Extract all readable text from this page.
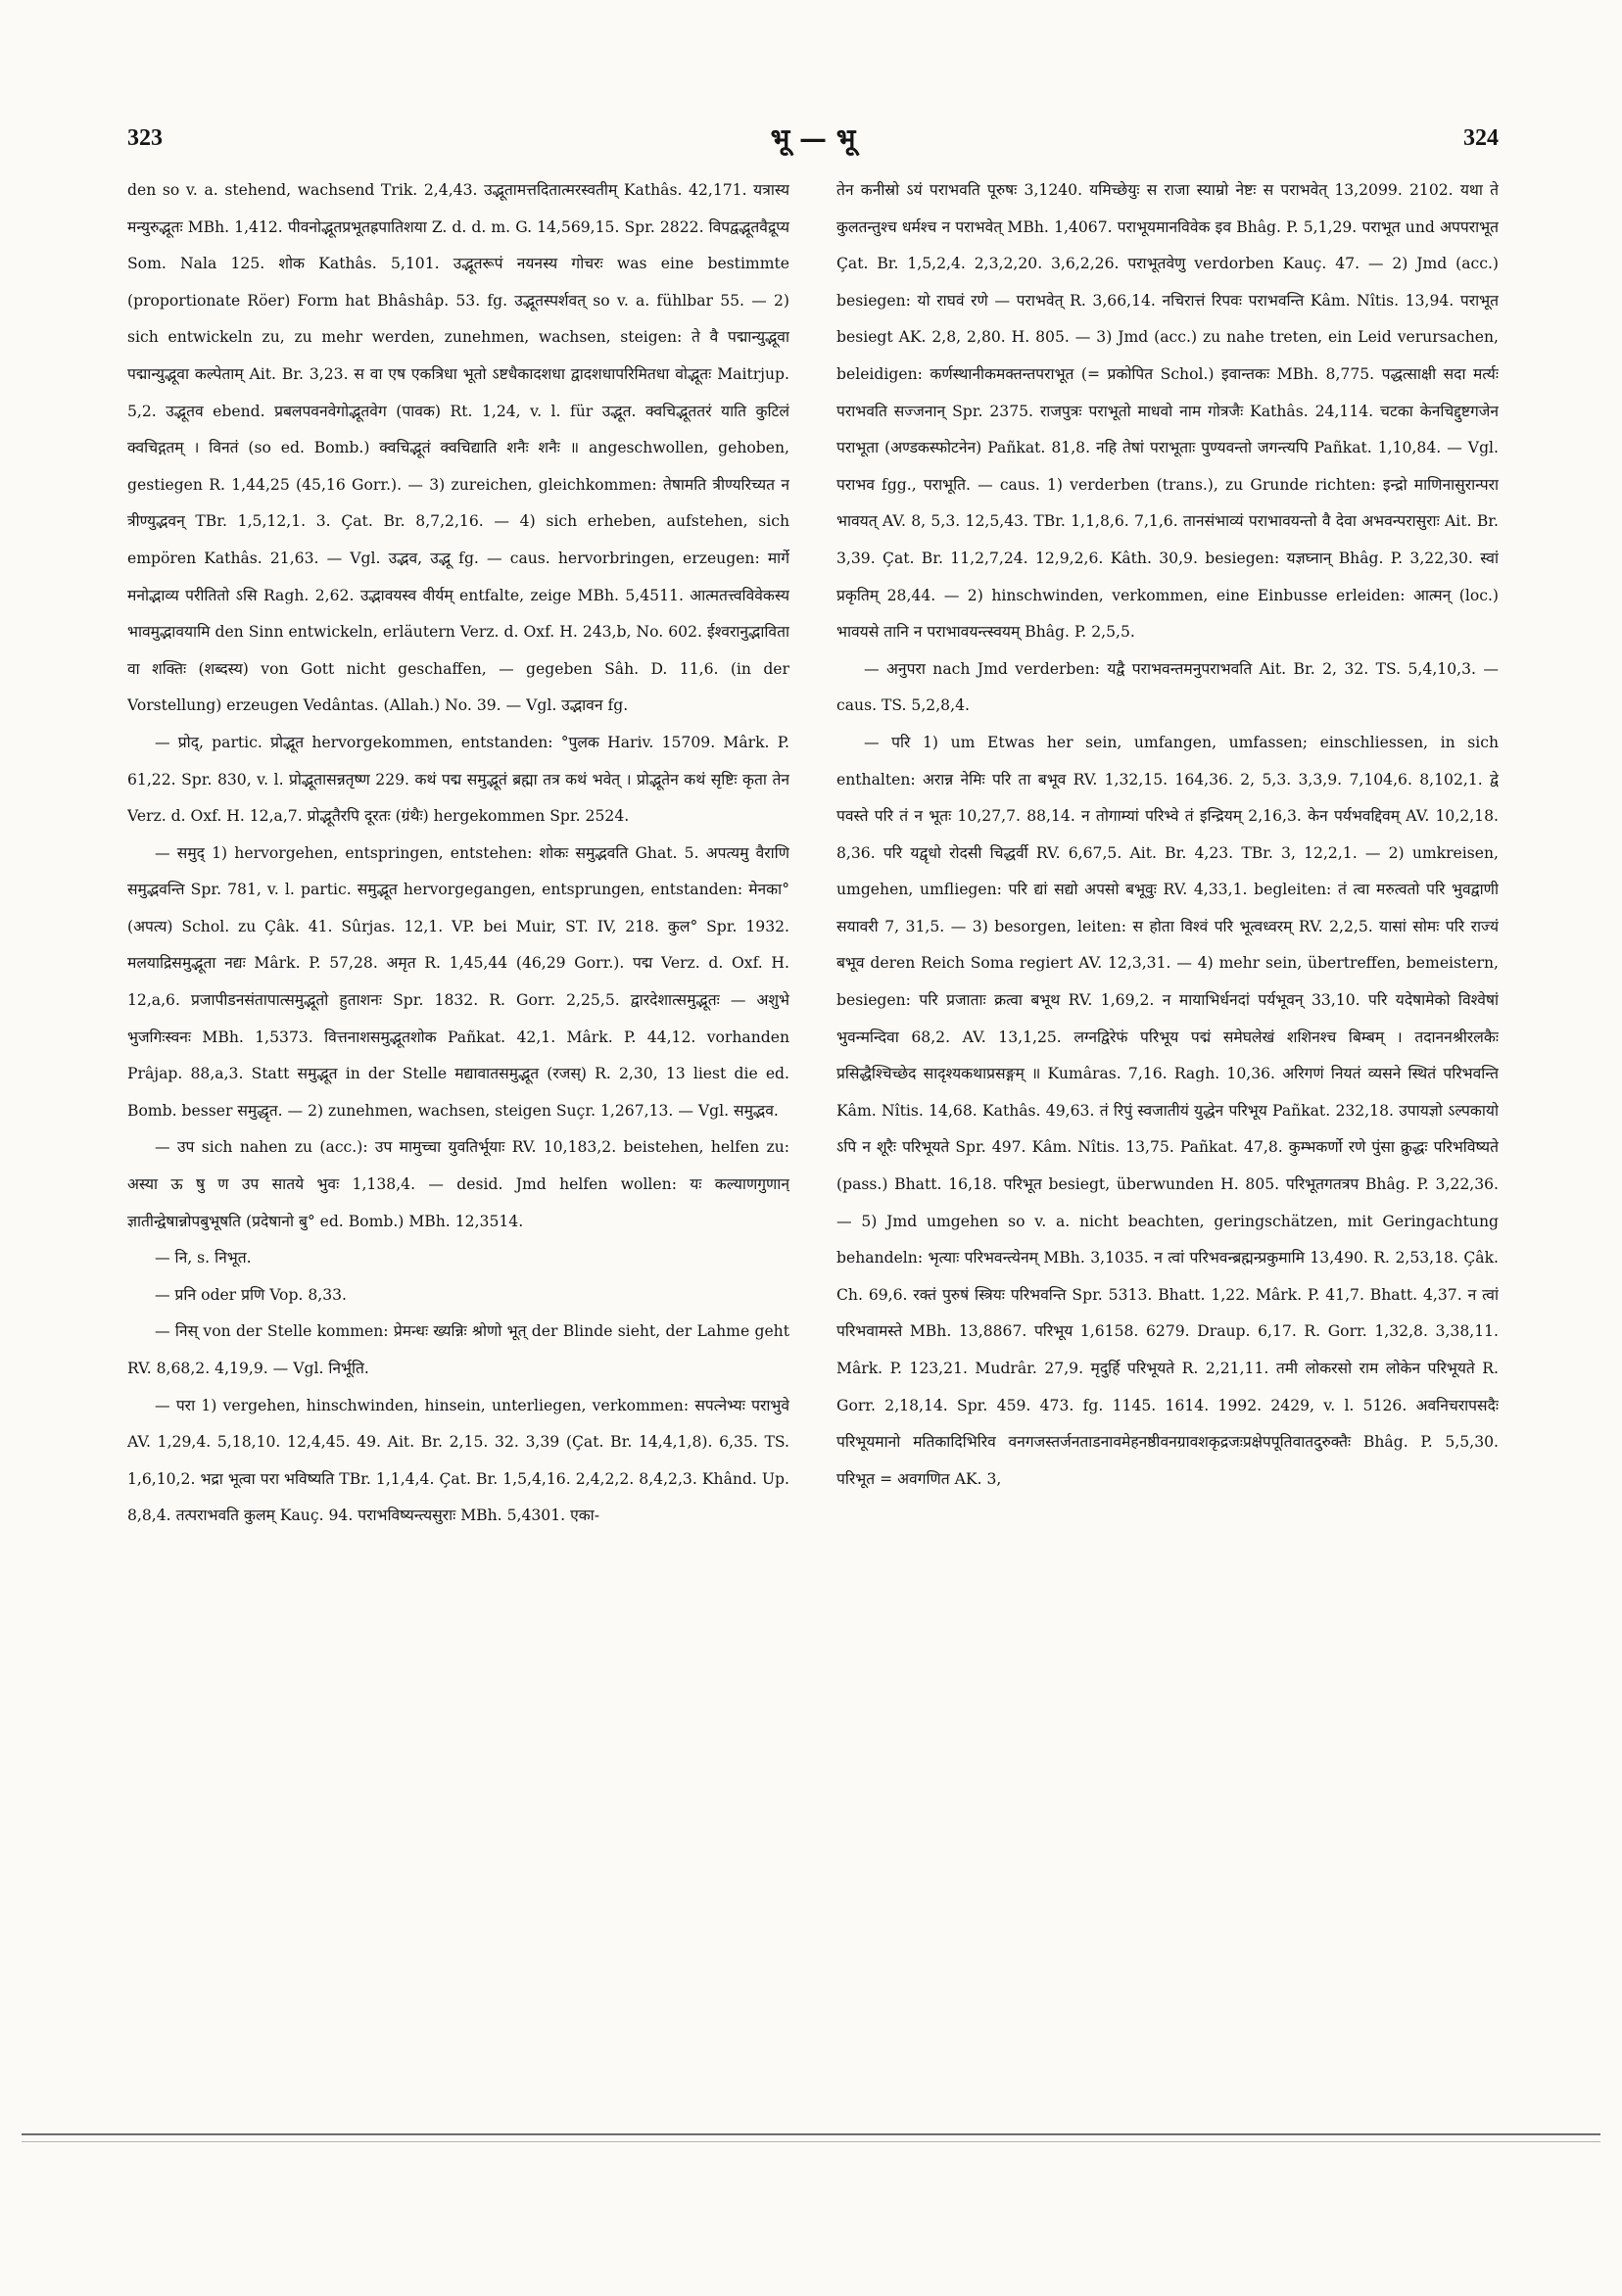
323	भू — भू	324

den so v. a. stehend, wachsend Trik. 2,4,43. उद्भूतामत्तदितात्मरस्वतीम् Kathâs. 42,171. यत्रास्य मन्युरुद्भूतः MBh. 1,412. पीवनोद्भूतप्रभूतह्रपातिशया Z. d. d. m. G. 14,569,15. Spr. 2822. विपद्वद्भूतवैद्रूप्य Som. Nala 125. शोक Kathâs. 5,101. उद्भूतरूपं नयनस्य गोचरः was eine bestimmte (proportionate Röer) Form hat Bhâshâp. 53. fg. उद्भूतस्पर्शवत् so v. a. fühlbar 55. — 2) sich entwickeln zu, zu mehr werden, zunehmen, wachsen, steigen: ते वै पद्मान्युद्भूवा पद्मान्युद्भूवा कल्पेताम् Ait. Br. 3,23. स वा एष एकत्रिधा भूतो ऽष्टधैकादशधा द्वादशधापरिमितधा वोद्भूतः Maitrjup. 5,2. उद्भूतव ebend. प्रबलपवनवेगोद्भूतवेग (पावक) Rt. 1,24, v. l. für उद्भूत. क्वचिद्भूततरं याति कुटिलं क्वचिद्गतम् । विनतं (so ed. Bomb.) क्वचिद्भूतं क्वचिद्याति शनैः शनैः ॥ angeschwollen, gehoben, gestiegen R. 1,44,25 (45,16 Gorr.). — 3) zureichen, gleichkommen: तेषामति त्रीण्यरिच्यत न त्रीण्युद्भवन् TBr. 1,5,12,1. 3. Çat. Br. 8,7,2,16. — 4) sich erheben, aufstehen, sich empören Kathâs. 21,63. — Vgl. उद्भव, उद्भू fg. — caus. hervorbringen, erzeugen: मार्गे मनोद्भाव्य परीतितो ऽसि Ragh. 2,62. उद्भावयस्व वीर्यम् entfalte, zeige MBh. 5,4511. आत्मतत्त्वविवेकस्य भावमुद्भावयामि den Sinn entwickeln, erläutern Verz. d. Oxf. H. 243,b, No. 602. ईश्वरानुद्भाविता वा शक्तिः (शब्दस्य) von Gott nicht geschaffen, — gegeben Sâh. D. 11,6. (in der Vorstellung) erzeugen Vedântas. (Allah.) No. 39. — Vgl. उद्भावन fg.

— प्रोद्, partic. प्रोद्भूत hervorgekommen, entstanden: °पुलक Hariv. 15709. Mârk. P. 61,22. Spr. 830, v. l. प्रोद्भूतासन्नतृष्ण 229. कथं पद्म समुद्भूतं ब्रह्मा तत्र कथं भवेत् । प्रोद्भूतेन कथं सृष्टिः कृता तेन Verz. d. Oxf. H. 12,a,7. प्रोद्भूतैरपि दूरतः (ग्रंथैः) hergekommen Spr. 2524.

— समुद् 1) hervorgehen, entspringen, entstehen: शोकः समुद्भवति Ghat. 5. अपत्यमु वैराणि समुद्भवन्ति Spr. 781, v. l. partic. समुद्भूत hervorgegangen, entsprungen, entstanden: मेनका° (अपत्य) Schol. zu Çâk. 41. Sûrjas. 12,1. VP. bei Muir, ST. IV, 218. कुल° Spr. 1932. मलयाद्रिसमुद्भूता नद्यः Mârk. P. 57,28. अमृत R. 1,45,44 (46,29 Gorr.). पद्म Verz. d. Oxf. H. 12,a,6. प्रजापीडनसंतापात्समुद्भूतो हुताशनः Spr. 1832. R. Gorr. 2,25,5. द्वारदेशात्समुद्भूतः — अशुभे भुजगिःस्वनः MBh. 1,5373. वित्तनाशसमुद्भूतशोक Pañkat. 42,1. Mârk. P. 44,12. vorhanden Prâjap. 88,a,3. Statt समुद्भूत in der Stelle मद्यावातसमुद्भूत (रजस्) R. 2,30, 13 liest die ed. Bomb. besser समुद्धृत. — 2) zunehmen, wachsen, steigen Suçr. 1,267,13. — Vgl. समुद्भव.

— उप sich nahen zu (acc.): उप मामुच्चा युवतिर्भूयाः RV. 10,183,2. beistehen, helfen zu: अस्या ऊ षु ण उप सातये भुवः 1,138,4. — desid. Jmd helfen wollen: यः कल्याणगुणान् ज्ञातीन्द्वेषान्नोपबुभूषति (प्रदेषानो बु° ed. Bomb.) MBh. 12,3514.

— नि, s. निभूत.

— प्रनि oder प्रणि Vop. 8,33.

— निस् von der Stelle kommen: प्रेमन्धः ख्यन्निः श्रोणो भूत् der Blinde sieht, der Lahme geht RV. 8,68,2. 4,19,9. — Vgl. निर्भूति.

— परा 1) vergehen, hinschwinden, hinsein, unterliegen, verkommen: सपत्नेभ्यः पराभुवे AV. 1,29,4. 5,18,10. 12,4,45. 49. Ait. Br. 2,15. 32. 3,39 (Çat. Br. 14,4,1,8). 6,35. TS. 1,6,10,2. भद्रा भूत्वा परा भविष्यति TBr. 1,1,4,4. Çat. Br. 1,5,4,16. 2,4,2,2. 8,4,2,3. Khând. Up. 8,8,4. तत्पराभवति कुलम् Kauç. 94. पराभविष्यन्त्यसुराः MBh. 5,4301. एका-

तेन कनीस्रो ऽयं पराभवति पूरुषः 3,1240. यमिच्छेयुः स राजा स्याम्रो नेष्टः स पराभवेत् 13,2099. 2102. यथा ते कुलतन्तुश्च धर्मश्च न पराभवेत् MBh. 1,4067. पराभूयमानविवेक इव Bhâg. P. 5,1,29. पराभूत und अपपराभूत Çat. Br. 1,5,2,4. 2,3,2,20. 3,6,2,26. पराभूतवेणु verdorben Kauç. 47. — 2) Jmd (acc.) besiegen: यो राघवं रणे — पराभवेत् R. 3,66,14. नचिरात्तं रिपवः पराभवन्ति Kâm. Nîtis. 13,94. पराभूत besiegt AK. 2,8, 2,80. H. 805. — 3) Jmd (acc.) zu nahe treten, ein Leid verursachen, beleidigen: कर्णस्थानीकमक्तन्तपराभूत (= प्रकोपित Schol.) इवान्तकः MBh. 8,775. पद्धत्साक्षी सदा मर्त्यः पराभवति सज्जनान् Spr. 2375. राजपुत्रः पराभूतो माधवो नाम गोत्रजैः Kathâs. 24,114. चटका केनचिद्दुष्टगजेन पराभूता (अण्डकस्फोटनेन) Pañkat. 81,8. नहि तेषां पराभूताः पुण्यवन्तो जगन्त्यपि Pañkat. 1,10,84. — Vgl. पराभव fgg., पराभूति. — caus. 1) verderben (trans.), zu Grunde richten: इन्द्रो माणिनासुरान्परा भावयत् AV. 8, 5,3. 12,5,43. TBr. 1,1,8,6. 7,1,6. तानसंभाव्यं पराभावयन्तो वै देवा अभवन्परासुराः Ait. Br. 3,39. Çat. Br. 11,2,7,24. 12,9,2,6. Kâth. 30,9. besiegen: यज्ञघ्नान् Bhâg. P. 3,22,30. स्वां प्रकृतिम् 28,44. — 2) hinschwinden, verkommen, eine Einbusse erleiden: आत्मन् (loc.) भावयसे तानि न पराभावयन्त्स्वयम् Bhâg. P. 2,5,5.

— अनुपरा nach Jmd verderben: यद्वै पराभवन्तमनुपराभवति Ait. Br. 2, 32. TS. 5,4,10,3. — caus. TS. 5,2,8,4.

— परि 1) um Etwas her sein, umfangen, umfassen; einschliessen, in sich enthalten: अरान्न नेमिः परि ता बभूव RV. 1,32,15. 164,36. 2, 5,3. 3,3,9. 7,104,6. 8,102,1. द्वे पवस्ते परि तं न भूतः 10,27,7. 88,14. न तोगाम्यां परिभ्वे तं इन्द्रियम् 2,16,3. केन पर्यभवद्दिवम् AV. 10,2,18. 8,36. परि यद्वृधो रोदसी चिद्धर्वी RV. 6,67,5. Ait. Br. 4,23. TBr. 3, 12,2,1. — 2) umkreisen, umgehen, umfliegen: परि द्यां सद्यो अपसो बभूवुः RV. 4,33,1. begleiten: तं त्वा मरुत्वतो परि भुवद्वाणी सयावरी 7, 31,5. — 3) besorgen, leiten: स होता विश्वं परि भूत्वध्वरम् RV. 2,2,5. यासां सोमः परि राज्यं बभूव deren Reich Soma regiert AV. 12,3,31. — 4) mehr sein, übertreffen, bemeistern, besiegen: परि प्रजाताः क्रत्वा बभूथ RV. 1,69,2. न मायाभिर्धनदां पर्यभूवन् 33,10. परि यदेषामेको विश्वेषां भुवन्मन्दिवा 68,2. AV. 13,1,25. लग्नद्विरेफं परिभूय पद्मं समेघलेखं शशिनश्च बिम्बम् । तदाननश्रीरलकैः प्रसिद्धैश्चिच्छेद सादृश्यकथाप्रसङ्गम् ॥ Kumâras. 7,16. Ragh. 10,36. अरिगणं नियतं व्यसने स्थितं परिभवन्ति Kâm. Nîtis. 14,68. Kathâs. 49,63. तं रिपुं स्वजातीयं युद्धेन परिभूय Pañkat. 232,18. उपायज्ञो ऽल्पकायो ऽपि न शूरैः परिभूयते Spr. 497. Kâm. Nîtis. 13,75. Pañkat. 47,8. कुम्भकर्णो रणे पुंसा क्रुद्धः परिभविष्यते (pass.) Bhatt. 16,18. परिभूत besiegt, überwunden H. 805. परिभूतगतत्रप Bhâg. P. 3,22,36. — 5) Jmd umgehen so v. a. nicht beachten, geringschätzen, mit Geringachtung behandeln: भृत्याः परिभवन्त्येनम् MBh. 3,1035. न त्वां परिभवन्ब्रह्मन्प्रकुमामि 13,490. R. 2,53,18. Çâk. Ch. 69,6. रक्तं पुरुषं स्त्रियः परिभवन्ति Spr. 5313. Bhatt. 1,22. Mârk. P. 41,7. Bhatt. 4,37. न त्वां परिभवामस्ते MBh. 13,8867. परिभूय 1,6158. 6279. Draup. 6,17. R. Gorr. 1,32,8. 3,38,11. Mârk. P. 123,21. Mudrâr. 27,9. मृदुर्हि परिभूयते R. 2,21,11. तमी लोकरसो राम लोकेन परिभूयते R. Gorr. 2,18,14. Spr. 459. 473. fg. 1145. 1614. 1992. 2429, v. l. 5126. अवनिचरापसदैः परिभूयमानो मतिकादिभिरिव वनगजस्तर्जनताडनावमेहनष्ठीवनग्रावशकृद्रजःप्रक्षेपपूतिवातदुरुक्तैः Bhâg. P. 5,5,30. परिभूत = अवगणित AK. 3,
